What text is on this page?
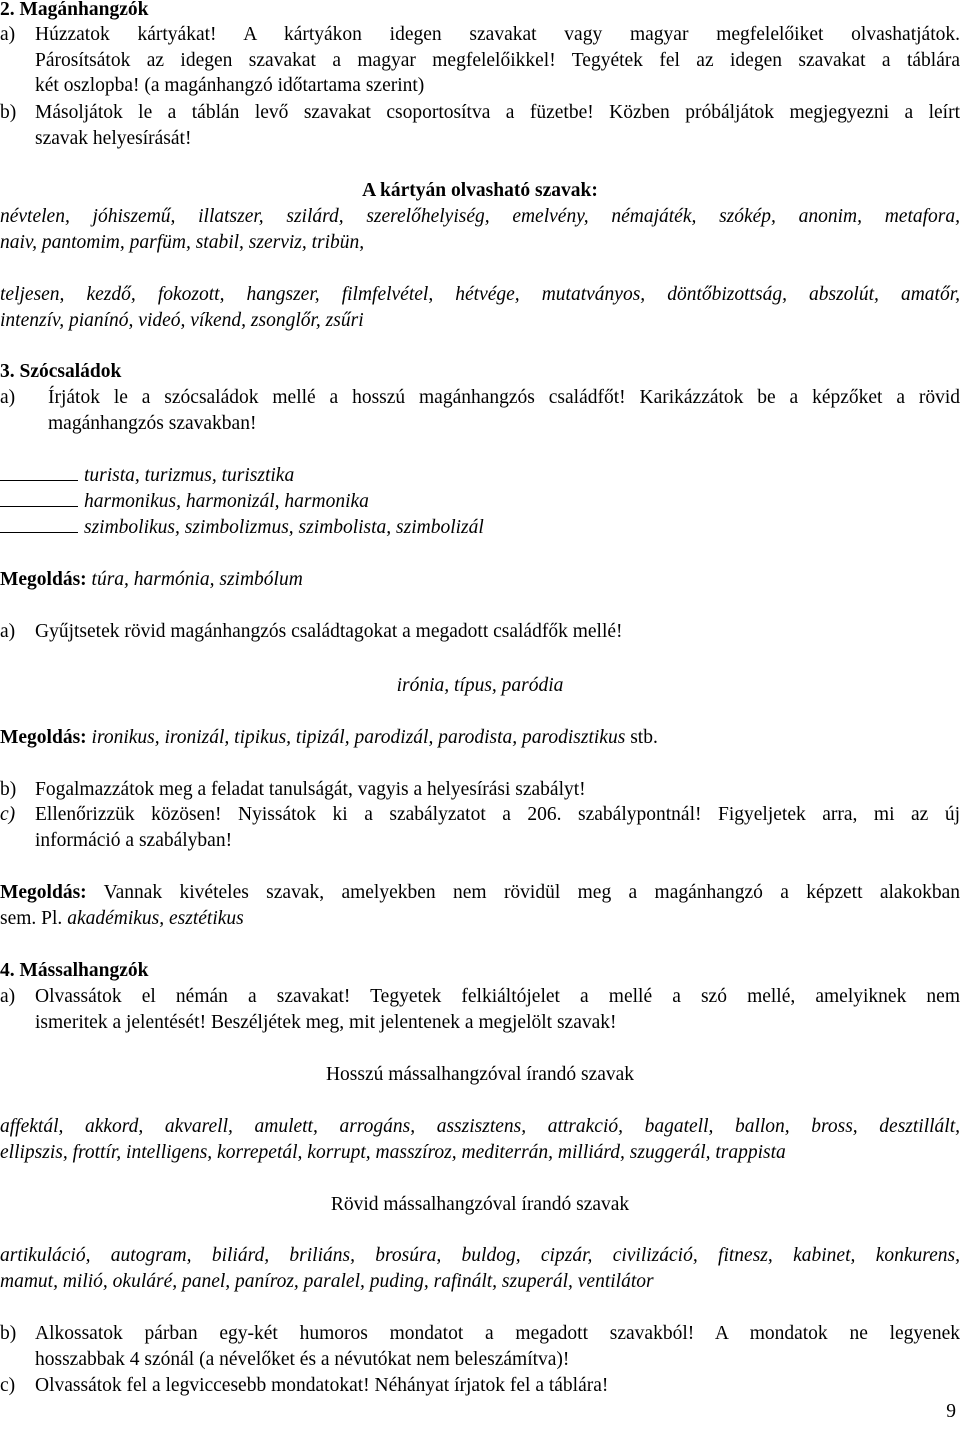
2. Magánhangzók
a) Húzzatok kártyákat! A kártyákon idegen szavakat vagy magyar megfelelőiket olvashatjátok.
Párosítsátok az idegen szavakat a magyar megfelelőikkel! Tegyétek fel az idegen szavakat a táblára
két oszlopba! (a magánhangzó időtartama szerint)
b) Másoljátok le a táblán levő szavakat csoportosítva a füzetbe! Közben próbáljátok megjegyezni a leírt
szavak helyesírását!
A kártyán olvasható szavak:
névtelen, jóhiszemű, illatszer, szilárd, szerelőhelyiség, emelvény, némajáték, szókép, anonim, metafora,
naiv, pantomim, parfüm, stabil, szerviz, tribün,
teljesen, kezdő, fokozott, hangszer, filmfelvétel, hétvége, mutatványos, döntőbizottság, abszolút, amatőr,
intenzív, pianínó, videó, víkend, zsonglőr, zsűri
3. Szócsaládok
a) Írjátok le a szócsaládok mellé a hosszú magánhangzós családfőt! Karikázzátok be a képzőket a rövid
magánhangzós szavakban!
turista, turizmus, turisztika
harmonikus, harmonizál, harmonika
szimbolikus, szimbolizmus, szimbolista, szimbolizál
Megoldás: túra, harmónia, szimbólum
a) Gyűjtsetek rövid magánhangzós családtagokat a megadott családfők mellé!
irónia, típus, paródia
Megoldás: ironikus, ironizál, tipikus, tipizál, parodizál, parodista, parodisztikus stb.
b) Fogalmazzátok meg a feladat tanulságát, vagyis a helyesírási szabályt!
c) Ellenőrizzük közösen! Nyissátok ki a szabályzatot a 206. szabálypontnál! Figyeljetek arra, mi az új
információ a szabályban!
Megoldás: Vannak kivételes szavak, amelyekben nem rövidül meg a magánhangzó a képzett alakokban
sem. Pl. akadémikus, esztétikus
4. Mássalhangzók
a) Olvassátok el némán a szavakat! Tegyetek felkiáltójelet a mellé a szó mellé, amelyiknek nem
ismeritek a jelentését! Beszéljétek meg, mit jelentenek a megjelölt szavak!
Hosszú mássalhangzóval írandó szavak
affektál, akkord, akvarell, amulett, arrogáns, asszisztens, attrakció, bagatell, ballon, bross, desztillált,
ellipszis, frottír, intelligens, korrepetál, korrupt, masszíroz, mediterrán, milliárd, szuggerál, trappista
Rövid mássalhangzóval írandó szavak
artikuláció, autogram, biliárd, briliáns, brosúra, buldog, cipzár, civilizáció, fitnesz, kabinet, konkurens,
mamut, milió, okuláré, panel, paníroz, paralel, puding, rafinált, szuperál, ventilátor
b) Alkossatok párban egy-két humoros mondatot a megadott szavakból! A mondatok ne legyenek
hosszabbak 4 szónál (a névelőket és a névutókat nem beleszámítva)!
c) Olvassátok fel a legviccesebb mondatokat! Néhányat írjatok fel a táblára!
9
